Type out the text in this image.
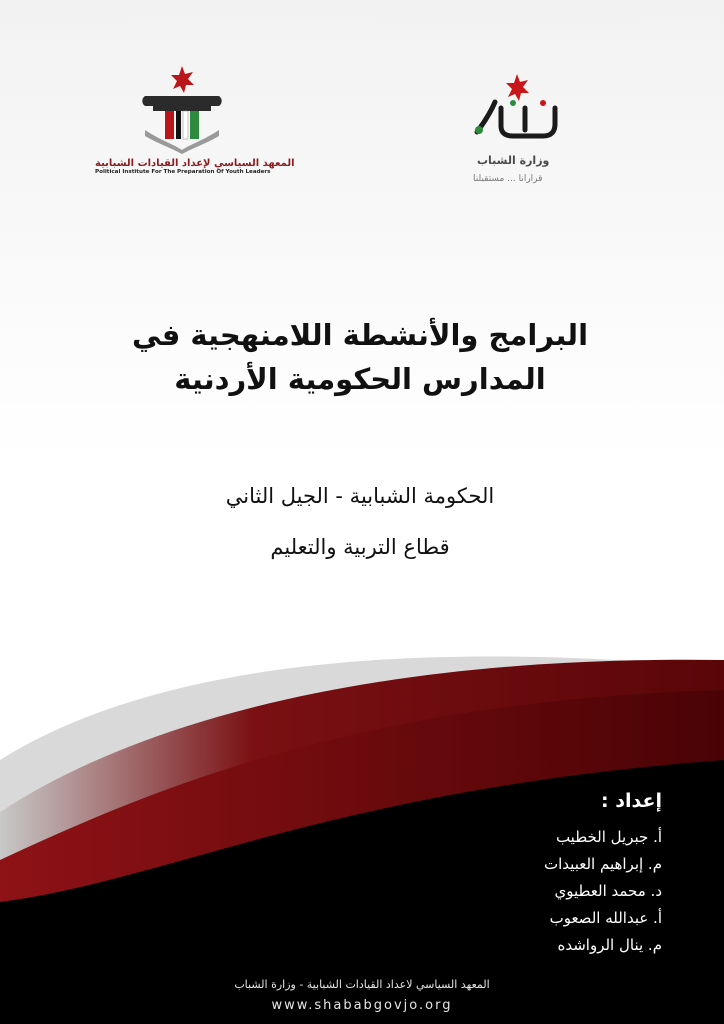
المعهد السياسي لإعداد القيادات الشبابية
Political Institute For The Preparation Of Youth Leaders
وزارة الشباب
قرارانا ... مستقبلنا
البرامج والأنشطة اللامنهجية في
المدارس الحكومية الأردنية
الحكومة الشبابية - الجيل الثاني
قطاع التربية والتعليم
إعداد :
أ. جبريل الخطيب
م. إبراهيم العبيدات
د. محمد العطيوي
أ. عبدالله الصعوب
م. ينال الرواشده
المعهد السياسي لاعداد القيادات الشبابية - وزارة الشباب
www.shababgovjo.org
